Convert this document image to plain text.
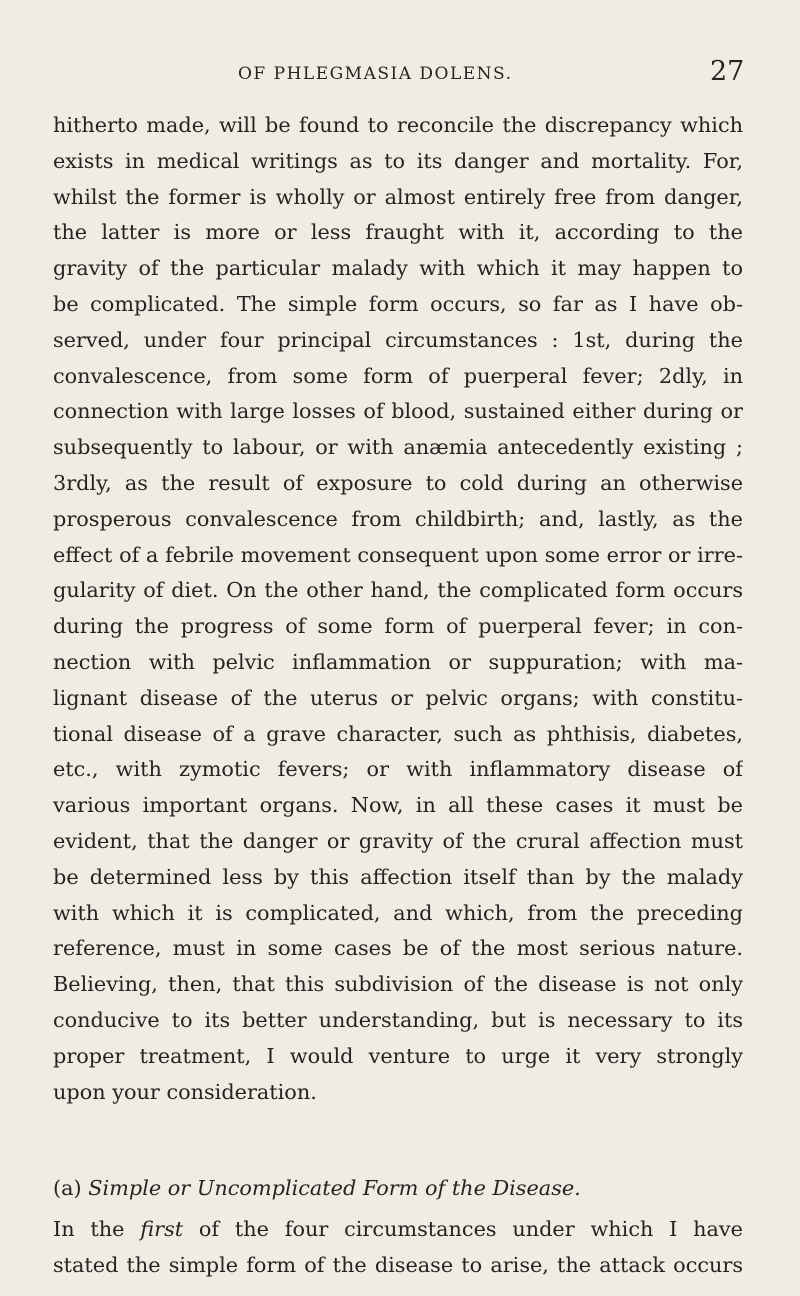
OF PHLEGMASIA DOLENS.	27
hitherto made, will be found to reconcile the discrepancy which
exists in medical writings as to its danger and mortality. For,
whilst the former is wholly or almost entirely free from danger,
the latter is more or less fraught with it, according to the
gravity of the particular malady with which it may happen to
be complicated. The simple form occurs, so far as I have ob-
served, under four principal circumstances : 1st, during the
convalescence, from some form of puerperal fever; 2dly, in
connection with large losses of blood, sustained either during or
subsequently to labour, or with anæmia antecedently existing ;
3rdly, as the result of exposure to cold during an otherwise
prosperous convalescence from childbirth; and, lastly, as the
effect of a febrile movement consequent upon some error or irre-
gularity of diet. On the other hand, the complicated form occurs
during the progress of some form of puerperal fever; in con-
nection with pelvic inflammation or suppuration; with ma-
lignant disease of the uterus or pelvic organs; with constitu-
tional disease of a grave character, such as phthisis, diabetes,
etc., with zymotic fevers; or with inflammatory disease of
various important organs. Now, in all these cases it must be
evident, that the danger or gravity of the crural affection must
be determined less by this affection itself than by the malady
with which it is complicated, and which, from the preceding
reference, must in some cases be of the most serious nature.
Believing, then, that this subdivision of the disease is not only
conducive to its better understanding, but is necessary to its
proper treatment, I would venture to urge it very strongly
upon your consideration.
(a) Simple or Uncomplicated Form of the Disease.
In the first of the four circumstances under which I have
stated the simple form of the disease to arise, the attack occurs
